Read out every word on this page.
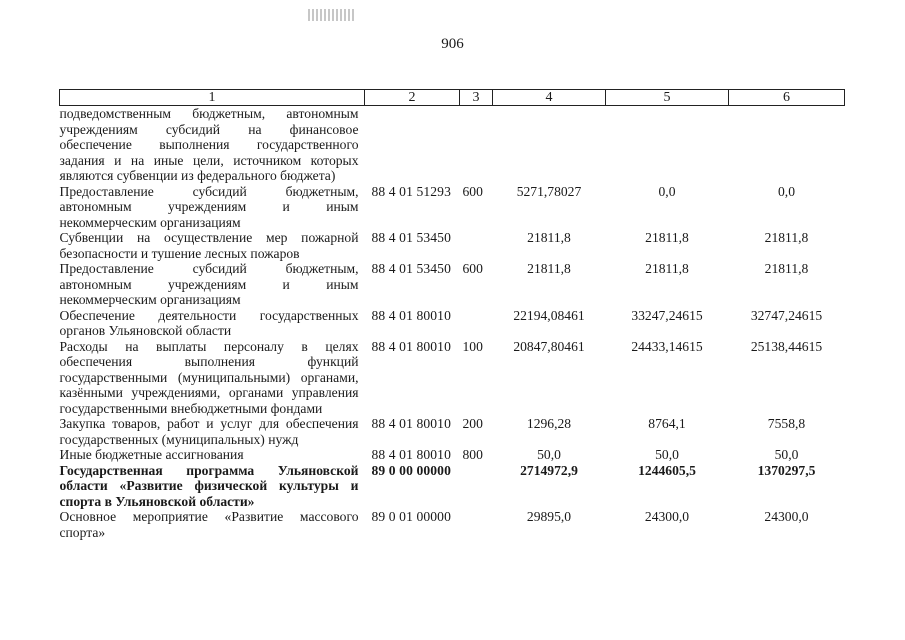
906
1	2	3	4	5	6
подведомственным бюджетным, автономным учреждениям субсидий на финансовое обеспечение выполнения государственного задания и на иные цели, источником которых являются субвенции из федерального бюджета)					
Предоставление субсидий бюджетным, автономным учреждениям и иным некоммерческим организациям	88 4 01 51293	600	5271,78027	0,0	0,0
Субвенции на осуществление мер пожарной безопасности и тушение лесных пожаров	88 4 01 53450		21811,8	21811,8	21811,8
Предоставление субсидий бюджетным, автономным учреждениям и иным некоммерческим организациям	88 4 01 53450	600	21811,8	21811,8	21811,8
Обеспечение деятельности государственных органов Ульяновской области	88 4 01 80010		22194,08461	33247,24615	32747,24615
Расходы на выплаты персоналу в целях обеспечения выполнения функций государственными (муниципальными) органами, казёнными учреждениями, органами управления государственными внебюджетными фондами	88 4 01 80010	100	20847,80461	24433,14615	25138,44615
Закупка товаров, работ и услуг для обеспечения государственных (муниципальных) нужд	88 4 01 80010	200	1296,28	8764,1	7558,8
Иные бюджетные ассигнования	88 4 01 80010	800	50,0	50,0	50,0
Государственная программа Ульяновской области «Развитие физической культуры и спорта в Ульяновской области»	89 0 00 00000		2714972,9	1244605,5	1370297,5
Основное мероприятие «Развитие массового спорта»	89 0 01 00000		29895,0	24300,0	24300,0
